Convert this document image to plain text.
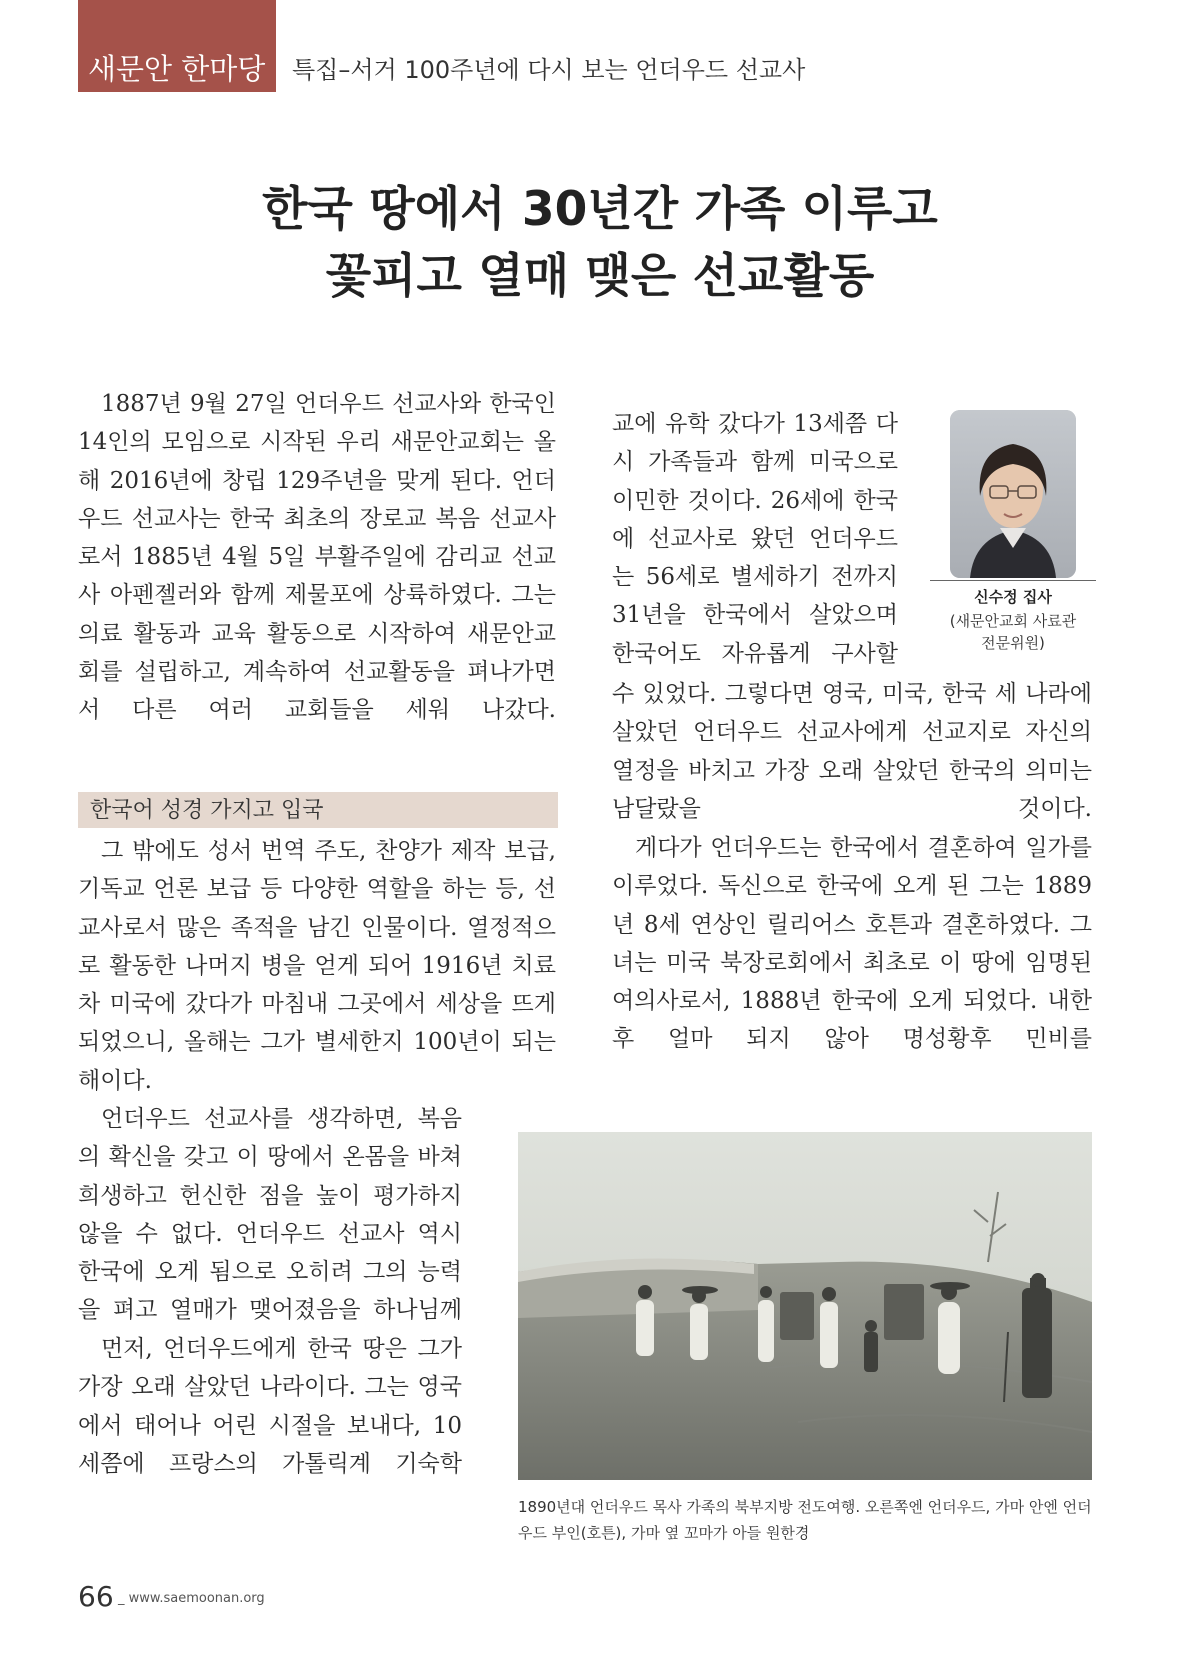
새문안 한마당	특집–서거 100주년에 다시 보는 언더우드 선교사
한국 땅에서 30년간 가족 이루고
꽃피고 열매 맺은 선교활동

1887년 9월 27일 언더우드 선교사와 한국인 14인의 모임으로 시작된 우리 새문안교회는 올해 2016년에 창립 129주년을 맞게 된다. 언더우드 선교사는 한국 최초의 장로교 복음 선교사로서 1885년 4월 5일 부활주일에 감리교 선교사 아펜젤러와 함께 제물포에 상륙하였다. 그는 의료 활동과 교육 활동으로 시작하여 새문안교회를 설립하고, 계속하여 선교활동을 펴나가면서 다른 여러 교회들을 세워 나갔다.

한국어 성경 가지고 입국

그 밖에도 성서 번역 주도, 찬양가 제작 보급, 기독교 언론 보급 등 다양한 역할을 하는 등, 선교사로서 많은 족적을 남긴 인물이다. 열정적으로 활동한 나머지 병을 얻게 되어 1916년 치료차 미국에 갔다가 마침내 그곳에서 세상을 뜨게 되었으니, 올해는 그가 별세한지 100년이 되는 해이다.

언더우드 선교사를 생각하면, 복음의 확신을 갖고 이 땅에서 온몸을 바쳐 희생하고 헌신한 점을 높이 평가하지 않을 수 없다. 언더우드 선교사 역시 한국에 오게 됨으로 오히려 그의 능력을 펴고 열매가 맺어졌음을 하나님께

먼저, 언더우드에게 한국 땅은 그가 가장 오래 살았던 나라이다. 그는 영국에서 태어나 어린 시절을 보내다, 10세쯤에 프랑스의 가톨릭계 기숙학

교에 유학 갔다가 13세쯤 다시 가족들과 함께 미국으로 이민한 것이다. 26세에 한국에 선교사로 왔던 언더우드는 56세로 별세하기 전까지 31년을 한국에서 살았으며 한국어도 자유롭게 구사할

수 있었다. 그렇다면 영국, 미국, 한국 세 나라에 살았던 언더우드 선교사에게 선교지로 자신의 열정을 바치고 가장 오래 살았던 한국의 의미는 남달랐을 것이다.

게다가 언더우드는 한국에서 결혼하여 일가를 이루었다. 독신으로 한국에 오게 된 그는 1889년 8세 연상인 릴리어스 호튼과 결혼하였다. 그녀는 미국 북장로회에서 최초로 이 땅에 임명된 여의사로서, 1888년 한국에 오게 되었다. 내한 후 얼마 되지 않아 명성황후 민비를

신수정 집사
(새문안교회 사료관
전문위원)

1890년대 언더우드 목사 가족의 북부지방 전도여행. 오른쪽엔 언더우드, 가마 안엔 언더우드 부인(호튼), 가마 옆 꼬마가 아들 원한경

66 _ www.saemoonan.org
